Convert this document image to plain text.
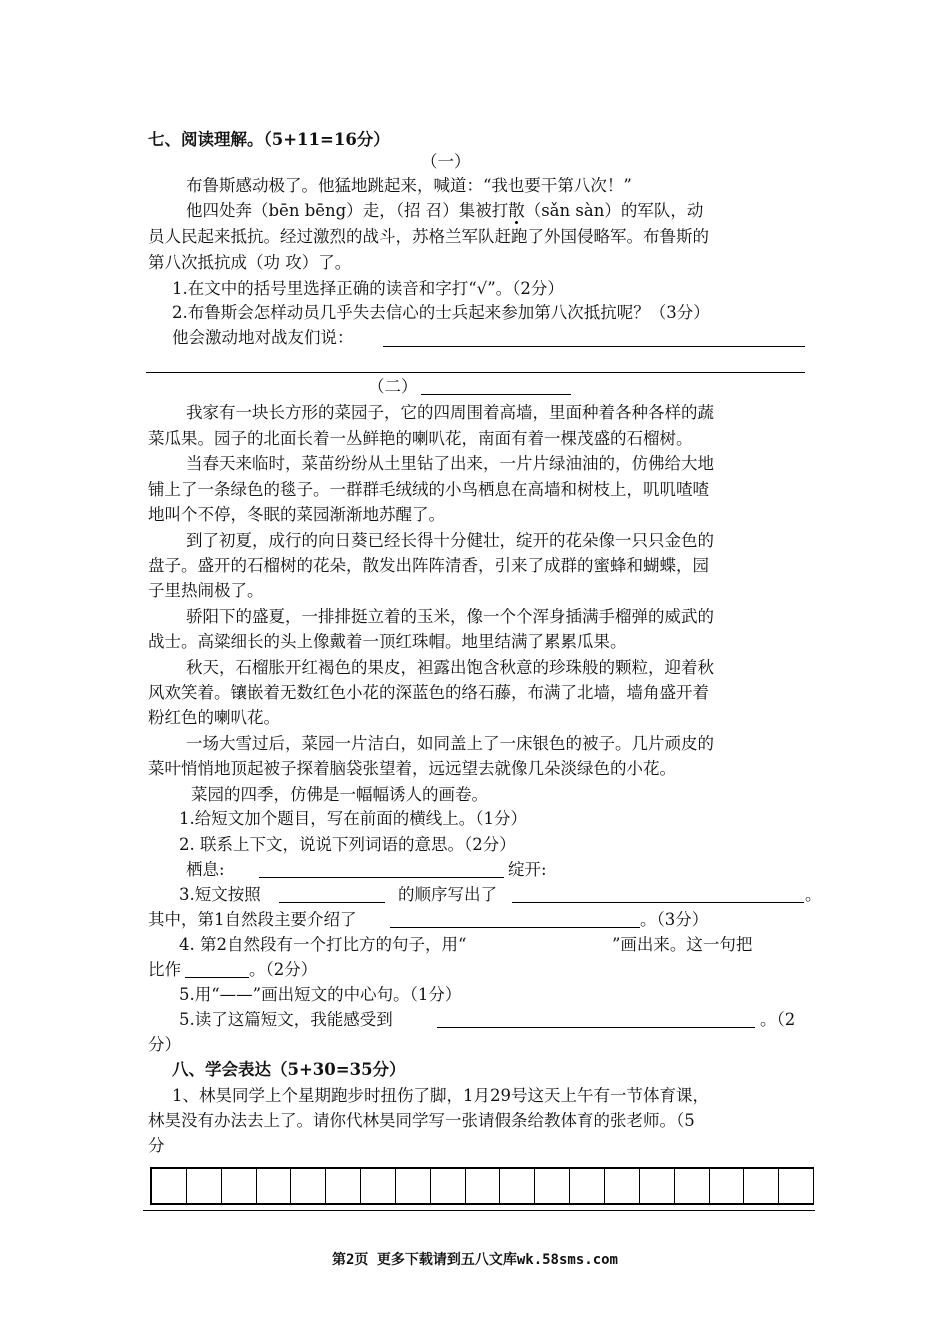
七、阅读理解。（5+11=16分）
（一）
布鲁斯感动极了。他猛地跳起来，喊道：“我也要干第八次！”
他四处奔（bēn bēng）走，（招 召）集被打散（sǎn sàn）的军队，动
员人民起来抵抗。经过激烈的战斗，苏格兰军队赶跑了外国侵略军。布鲁斯的
第八次抵抗成（功 攻）了。
1.在文中的括号里选择正确的读音和字打“√”。（2分）
2.布鲁斯会怎样动员几乎失去信心的士兵起来参加第八次抵抗呢？（3分）
他会激动地对战友们说：
（二）
我家有一块长方形的菜园子，它的四周围着高墙，里面种着各种各样的蔬
菜瓜果。园子的北面长着一丛鲜艳的喇叭花，南面有着一棵茂盛的石榴树。
当春天来临时，菜苗纷纷从土里钻了出来，一片片绿油油的，仿佛给大地
铺上了一条绿色的毯子。一群群毛绒绒的小鸟栖息在高墙和树枝上，叽叽喳喳
地叫个不停，冬眠的菜园渐渐地苏醒了。
到了初夏，成行的向日葵已经长得十分健壮，绽开的花朵像一只只金色的
盘子。盛开的石榴树的花朵，散发出阵阵清香，引来了成群的蜜蜂和蝴蝶，园
子里热闹极了。
骄阳下的盛夏，一排排挺立着的玉米，像一个个浑身插满手榴弹的威武的
战士。高粱细长的头上像戴着一顶红珠帽。地里结满了累累瓜果。
秋天，石榴胀开红褐色的果皮，袒露出饱含秋意的珍珠般的颗粒，迎着秋
风欢笑着。镶嵌着无数红色小花的深蓝色的络石藤，布满了北墙，墙角盛开着
粉红色的喇叭花。
一场大雪过后，菜园一片洁白，如同盖上了一床银色的被子。几片顽皮的
菜叶悄悄地顶起被子探着脑袋张望着，远远望去就像几朵淡绿色的小花。
菜园的四季，仿佛是一幅幅诱人的画卷。
1.给短文加个题目，写在前面的横线上。（1分）
2. 联系上下文，说说下列词语的意思。（2分）
栖息:	绽开:
3.短文按照	的顺序写出了	。
其中，第1自然段主要介绍了	。（3分）
4. 第2自然段有一个打比方的句子，用“	”画出来。这一句把
比作	。（2分）
5.用“——”画出短文的中心句。（1分）
5.读了这篇短文，我能感受到	。（2
分）
八、学会表达（5+30=35分）
1、林昊同学上个星期跑步时扭伤了脚，1月29号这天上午有一节体育课，
林昊没有办法去上了。请你代林昊同学写一张请假条给教体育的张老师。（5
分
第2页 更多下载请到五八文库wk.58sms.com
